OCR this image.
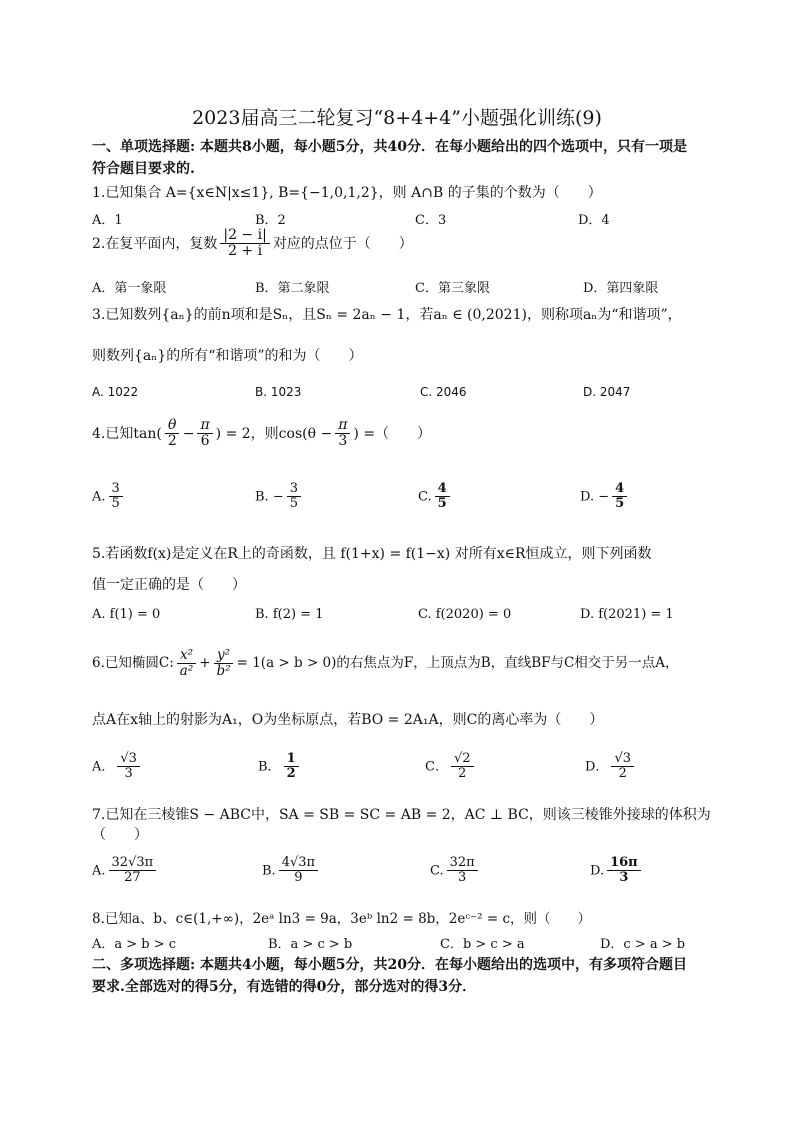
2023届高三二轮复习“8+4+4”小题强化训练(9)
一、单项选择题: 本题共8小题，每小题5分，共40分．在每小题给出的四个选项中，只有一项是
符合题目要求的.
1.已知集合 A={x∈N|x≤1}, B={−1,0,1,2}，则 A∩B 的子集的个数为（　　）
A．1	B．2	C．3	D．4
2.在复平面内，复数 $\frac{|2 - i|}{2 + i}$ 对应的点位于（　　）
A．第一象限	B．第二象限	C．第三象限	D．第四象限
3.已知数列{aₙ}的前n项和是Sₙ，且Sₙ = 2aₙ − 1，若aₙ ∈ (0,2021)，则称项aₙ为“和谐项”，
则数列{aₙ}的所有“和谐项”的和为（　　）
A. 1022	B. 1023	C. 2046	D. 2047
4.已知$\tan( \frac{\theta}{2} - \frac{\pi}{6}$ ) = 2，则$\cos(\theta - \frac{\pi}{3}$ ) =（　　）
A. $\frac{3}{5}$	B. − $\frac{3}{5}$	C. $\frac{4}{5}$	D. − $\frac{4}{5}$
5.若函数f(x)是定义在R上的奇函数，且 f(1+x) = f(1−x) 对所有x∈R恒成立，则下列函数
值一定正确的是（　　）
A. f(1) = 0	B. f(2) = 1	C. f(2020) = 0	D. f(2021) = 1
6.已知椭圆C: $\frac{\text{x²}}{\text{a²}} + \frac{\text{y²}}{\text{b²}} = 1(a > b > 0)$的右焦点为F，上顶点为B，直线BF与C相交于另一点A，
点A在x轴上的射影为A₁，O为坐标原点，若BO = 2A₁A，则C的离心率为（　　）
A． $\frac{√3}{3}$	B． $\frac{1}{2}$	C． $\frac{√2}{2}$	D． $\frac{√3}{2}$
7.已知在三棱锥S − ABC中，SA = SB = SC = AB = 2，AC ⊥ BC，则该三棱锥外接球的体积为
（　　）
A. $\frac{32√3\pi}{27}$	B. $\frac{4√3\pi}{9}$	C. $\frac{32\pi}{3}$	D. $\frac{16\pi}{3}$
8.已知a、b、c∈(1,+∞)，2eᵃ ln3 = 9a，3eᵇ ln2 = 8b，2eᶜ⁻² = c，则（　　）
A．a > b > c	B．a > c > b	C．b > c > a	D．c > a > b
二、多项选择题: 本题共4小题，每小题5分，共20分．在每小题给出的选项中，有多项符合题目
要求.全部选对的得5分，有选错的得0分，部分选对的得3分．
